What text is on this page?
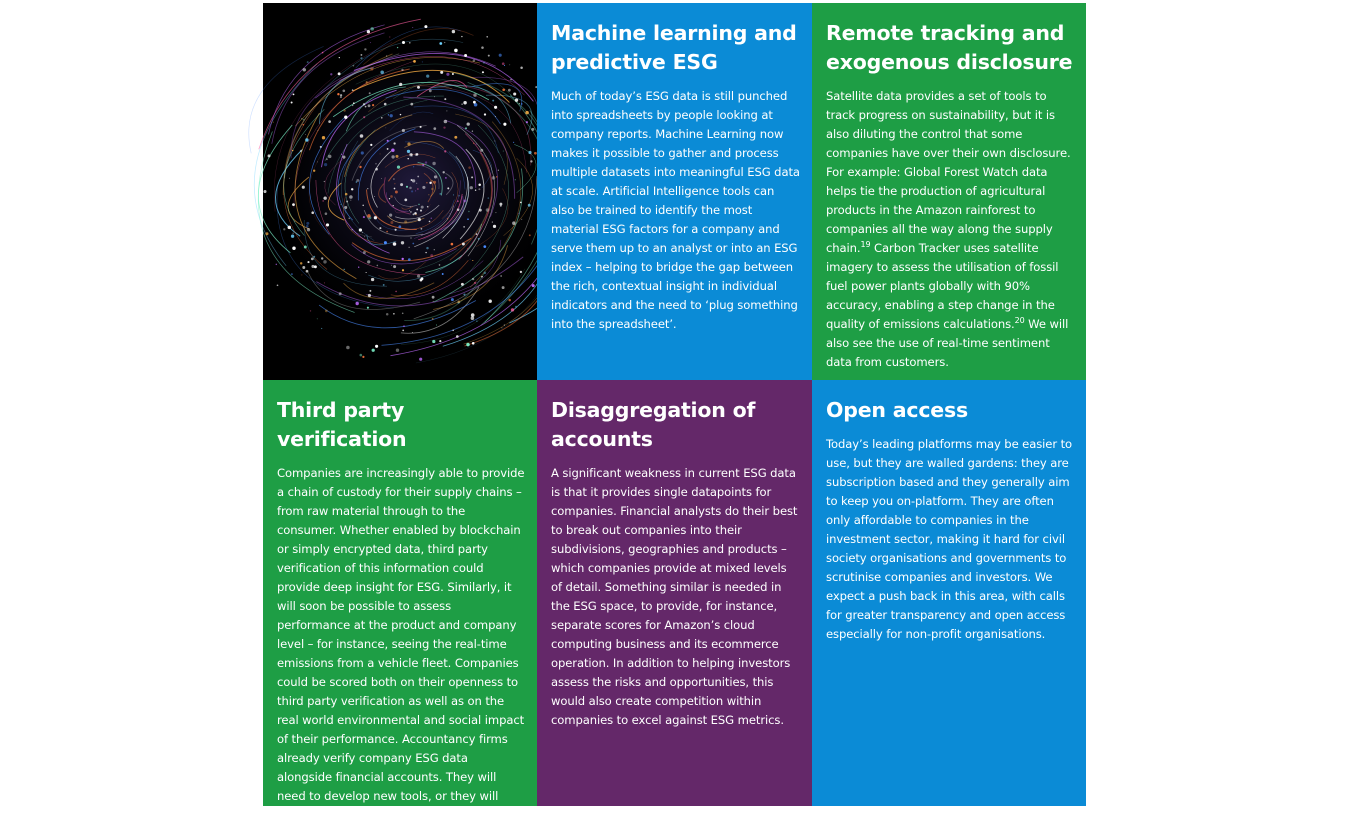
Machine learning and predictive ESG

Much of today’s ESG data is still punched into spreadsheets by people looking at company reports. Machine Learning now makes it possible to gather and process multiple datasets into meaningful ESG data at scale. Artificial Intelligence tools can also be trained to identify the most material ESG factors for a company and serve them up to an analyst or into an ESG index – helping to bridge the gap between the rich, contextual insight in individual indicators and the need to ‘plug something into the spreadsheet’.

Remote tracking and exogenous disclosure

Satellite data provides a set of tools to track progress on sustainability, but it is also diluting the control that some companies have over their own disclosure. For example: Global Forest Watch data helps tie the production of agricultural products in the Amazon rainforest to companies all the way along the supply chain.$^{19}$ Carbon Tracker uses satellite imagery to assess the utilisation of fossil fuel power plants globally with 90% accuracy, enabling a step change in the quality of emissions calculations.$^{20}$ We will also see the use of real-time sentiment data from customers.

Third party verification

Companies are increasingly able to provide a chain of custody for their supply chains – from raw material through to the consumer. Whether enabled by blockchain or simply encrypted data, third party verification of this information could provide deep insight for ESG. Similarly, it will soon be possible to assess performance at the product and company level – for instance, seeing the real-time emissions from a vehicle fleet. Companies could be scored both on their openness to third party verification as well as on the real world environmental and social impact of their performance. Accountancy firms already verify company ESG data alongside financial accounts. They will need to develop new tools, or they will face increasing competition.

Disaggregation of accounts

A significant weakness in current ESG data is that it provides single datapoints for companies. Financial analysts do their best to break out companies into their subdivisions, geographies and products – which companies provide at mixed levels of detail. Something similar is needed in the ESG space, to provide, for instance, separate scores for Amazon’s cloud computing business and its ecommerce operation. In addition to helping investors assess the risks and opportunities, this would also create competition within companies to excel against ESG metrics.

Open access

Today’s leading platforms may be easier to use, but they are walled gardens: they are subscription based and they generally aim to keep you on-platform. They are often only affordable to companies in the investment sector, making it hard for civil society organisations and governments to scrutinise companies and investors. We expect a push back in this area, with calls for greater transparency and open access especially for non-profit organisations.
